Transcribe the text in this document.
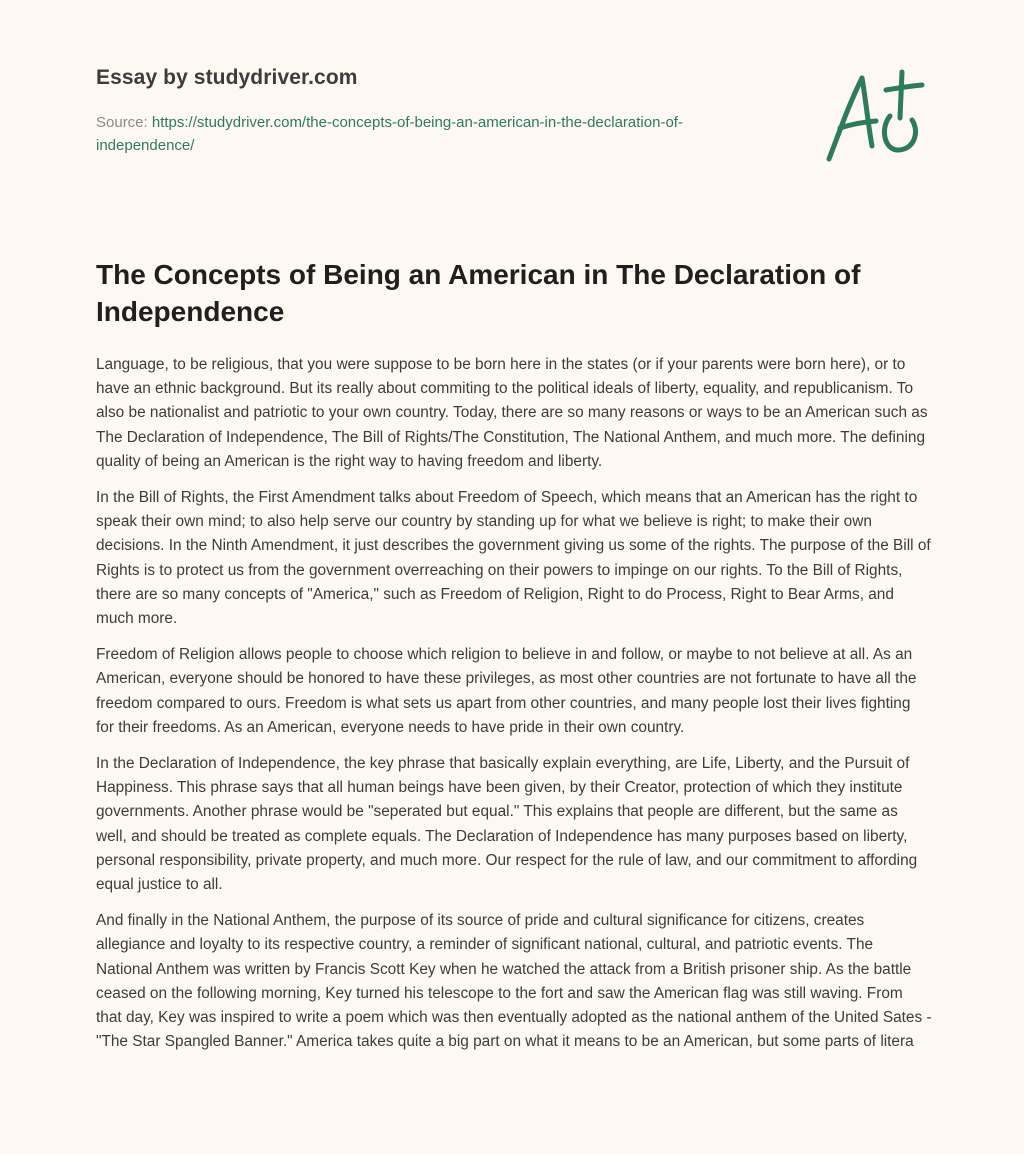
Essay by studydriver.com
Source: https://studydriver.com/the-concepts-of-being-an-american-in-the-declaration-of-independence/
The Concepts of Being an American in The Declaration of Independence

Language, to be religious, that you were suppose to be born here in the states (or if your parents were born here), or to have an ethnic background. But its really about commiting to the political ideals of liberty, equality, and republicanism. To also be nationalist and patriotic to your own country. Today, there are so many reasons or ways to be an American such as The Declaration of Independence, The Bill of Rights/The Constitution, The National Anthem, and much more. The defining quality of being an American is the right way to having freedom and liberty.

In the Bill of Rights, the First Amendment talks about Freedom of Speech, which means that an American has the right to speak their own mind; to also help serve our country by standing up for what we believe is right; to make their own decisions. In the Ninth Amendment, it just describes the government giving us some of the rights. The purpose of the Bill of Rights is to protect us from the government overreaching on their powers to impinge on our rights. To the Bill of Rights, there are so many concepts of "America," such as Freedom of Religion, Right to do Process, Right to Bear Arms, and much more.

Freedom of Religion allows people to choose which religion to believe in and follow, or maybe to not believe at all. As an American, everyone should be honored to have these privileges, as most other countries are not fortunate to have all the freedom compared to ours. Freedom is what sets us apart from other countries, and many people lost their lives fighting for their freedoms. As an American, everyone needs to have pride in their own country.

In the Declaration of Independence, the key phrase that basically explain everything, are Life, Liberty, and the Pursuit of Happiness. This phrase says that all human beings have been given, by their Creator, protection of which they institute governments. Another phrase would be "seperated but equal." This explains that people are different, but the same as well, and should be treated as complete equals. The Declaration of Independence has many purposes based on liberty, personal responsibility, private property, and much more. Our respect for the rule of law, and our commitment to affording equal justice to all.

And finally in the National Anthem, the purpose of its source of pride and cultural significance for citizens, creates allegiance and loyalty to its respective country, a reminder of significant national, cultural, and patriotic events. The National Anthem was written by Francis Scott Key when he watched the attack from a British prisoner ship. As the battle ceased on the following morning, Key turned his telescope to the fort and saw the American flag was still waving. From that day, Key was inspired to write a poem which was then eventually adopted as the national anthem of the United Sates - "The Star Spangled Banner." America takes quite a big part on what it means to be an American, but some parts of litera
